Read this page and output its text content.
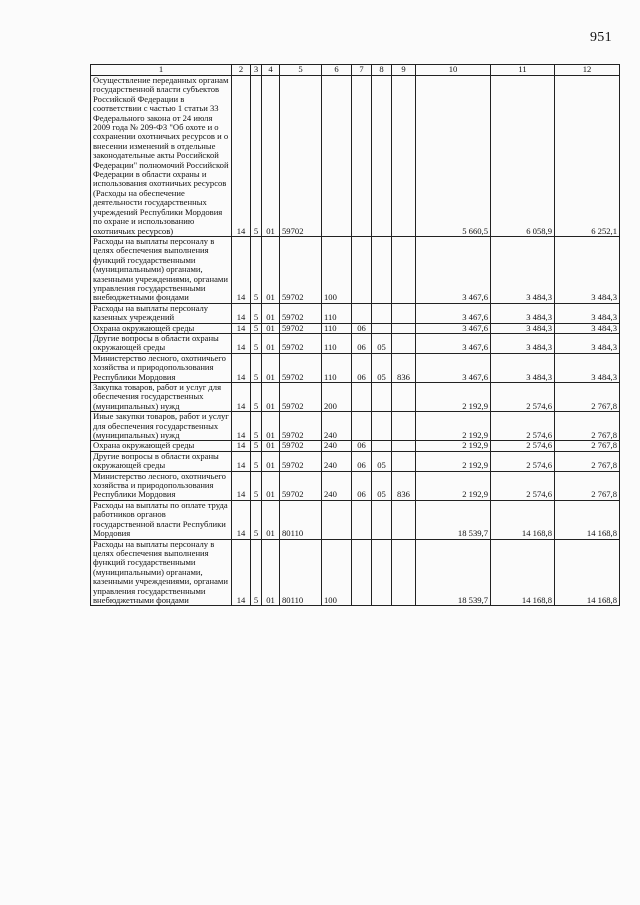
951
1	2	3	4	5	6	7	8	9	10	11	12
Осуществление переданных органам государственной власти субъектов Российской Федерации в соответствии с частью 1 статьи 33 Федерального закона от 24 июля 2009 года № 209-ФЗ "Об охоте и о сохранении охотничьих ресурсов и о внесении изменений в отдельные законодательные акты Российской Федерации" полномочий Российской Федерации в области охраны и использования охотничьих ресурсов (Расходы на обеспечение деятельности государственных учреждений Республики Мордовия по охране и использованию охотничьих ресурсов)	14	5	01	59702					5 660,5	6 058,9	6 252,1
Расходы на выплаты персоналу в целях обеспечения выполнения функций государственными (муниципальными) органами, казенными учреждениями, органами управления государственными внебюджетными фондами	14	5	01	59702	100				3 467,6	3 484,3	3 484,3
Расходы на выплаты персоналу казенных учреждений	14	5	01	59702	110				3 467,6	3 484,3	3 484,3
Охрана окружающей среды	14	5	01	59702	110	06			3 467,6	3 484,3	3 484,3
Другие вопросы в области охраны окружающей среды	14	5	01	59702	110	06	05		3 467,6	3 484,3	3 484,3
Министерство лесного, охотничьего хозяйства и природопользования Республики Мордовия	14	5	01	59702	110	06	05	836	3 467,6	3 484,3	3 484,3
Закупка товаров, работ и услуг для обеспечения государственных (муниципальных) нужд	14	5	01	59702	200				2 192,9	2 574,6	2 767,8
Иные закупки товаров, работ и услуг для обеспечения государственных (муниципальных) нужд	14	5	01	59702	240				2 192,9	2 574,6	2 767,8
Охрана окружающей среды	14	5	01	59702	240	06			2 192,9	2 574,6	2 767,8
Другие вопросы в области охраны окружающей среды	14	5	01	59702	240	06	05		2 192,9	2 574,6	2 767,8
Министерство лесного, охотничьего хозяйства и природопользования Республики Мордовия	14	5	01	59702	240	06	05	836	2 192,9	2 574,6	2 767,8
Расходы на выплаты по оплате труда работников органов государственной власти Республики Мордовия	14	5	01	80110					18 539,7	14 168,8	14 168,8
Расходы на выплаты персоналу в целях обеспечения выполнения функций государственными (муниципальными) органами, казенными учреждениями, органами управления государственными внебюджетными фондами	14	5	01	80110	100				18 539,7	14 168,8	14 168,8
